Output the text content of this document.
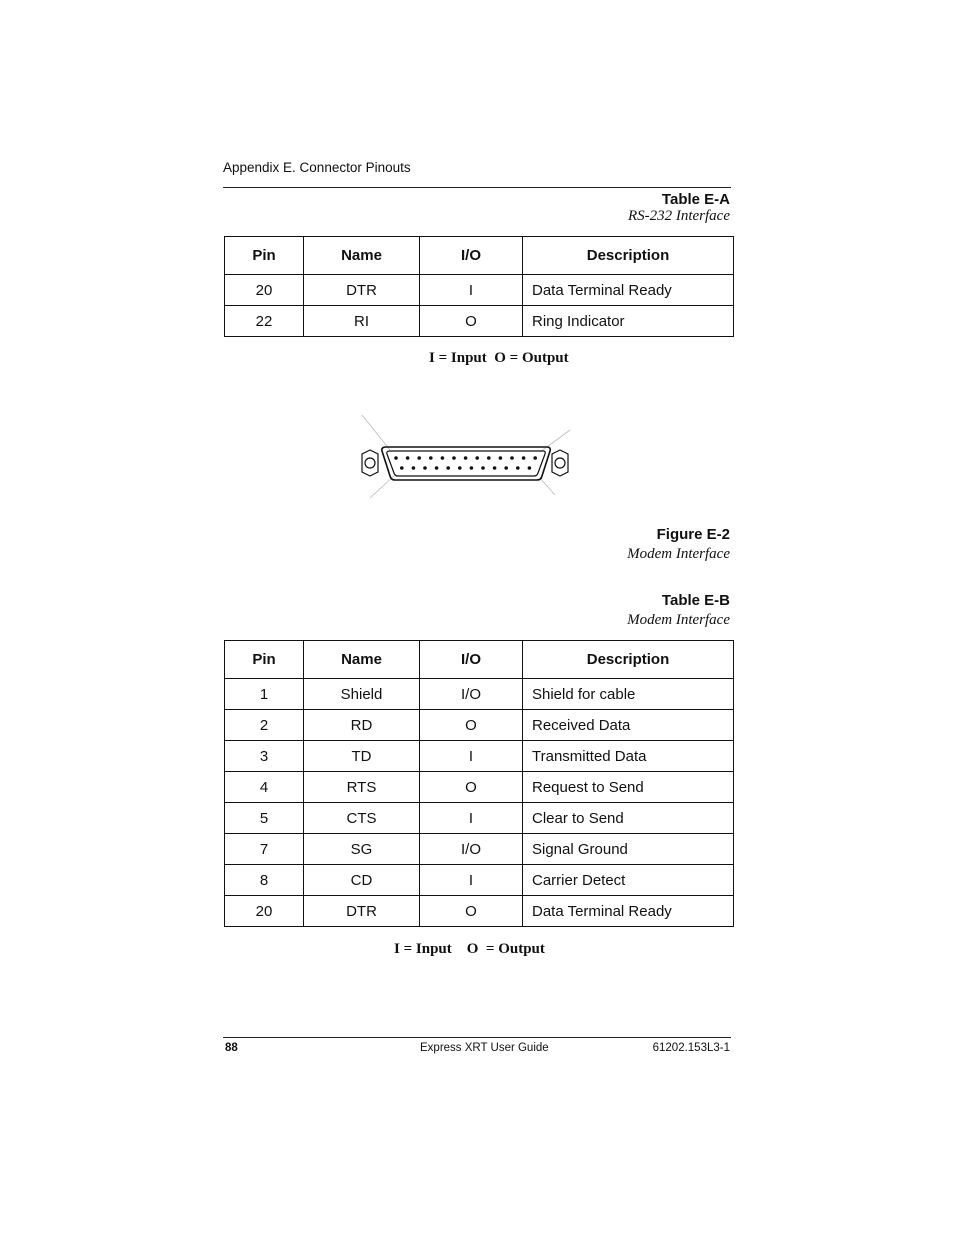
Appendix E. Connector Pinouts
Table E-A
RS-232 Interface
Pin	Name	I/O	Description
20	DTR	I	Data Terminal Ready
22	RI	O	Ring Indicator
I = Input  O = Output
Figure E-2
Modem Interface
Table E-B
Modem Interface
Pin	Name	I/O	Description
1	Shield	I/O	Shield for cable
2	RD	O	Received Data
3	TD	I	Transmitted Data
4	RTS	O	Request to Send
5	CTS	I	Clear to Send
7	SG	I/O	Signal Ground
8	CD	I	Carrier Detect
20	DTR	O	Data Terminal Ready
I = Input    O  = Output
88	Express XRT User Guide	61202.153L3-1
